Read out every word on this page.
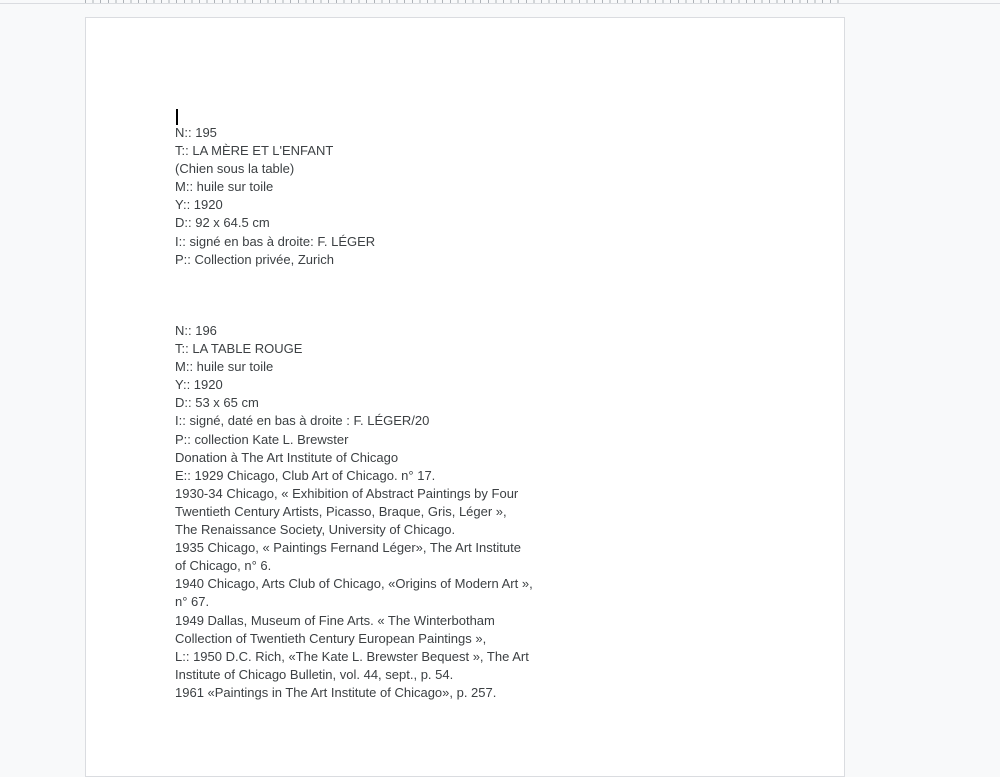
N:: 195
T:: LA MÈRE ET L'ENFANT
(Chien sous la table)
M:: huile sur toile
Y:: 1920
D:: 92 x 64.5 cm
I:: signé en bas à droite: F. LÉGER
P:: Collection privée, Zurich
N:: 196
T:: LA TABLE ROUGE
M:: huile sur toile
Y:: 1920
D:: 53 x 65 cm
I:: signé, daté en bas à droite : F. LÉGER/20
P:: collection Kate L. Brewster
Donation à The Art Institute of Chicago
E:: 1929 Chicago, Club Art of Chicago. n° 17.
1930-34 Chicago, « Exhibition of Abstract Paintings by Four
Twentieth Century Artists, Picasso, Braque, Gris, Léger »,
The Renaissance Society, University of Chicago.
1935 Chicago, « Paintings Fernand Léger», The Art Institute
of Chicago, n° 6.
1940 Chicago, Arts Club of Chicago, «Origins of Modern Art »,
n° 67.
1949 Dallas, Museum of Fine Arts. « The Winterbotham
Collection of Twentieth Century European Paintings »,
L:: 1950 D.C. Rich, «The Kate L. Brewster Bequest », The Art
Institute of Chicago Bulletin, vol. 44, sept., p. 54.
1961 «Paintings in The Art Institute of Chicago», p. 257.
